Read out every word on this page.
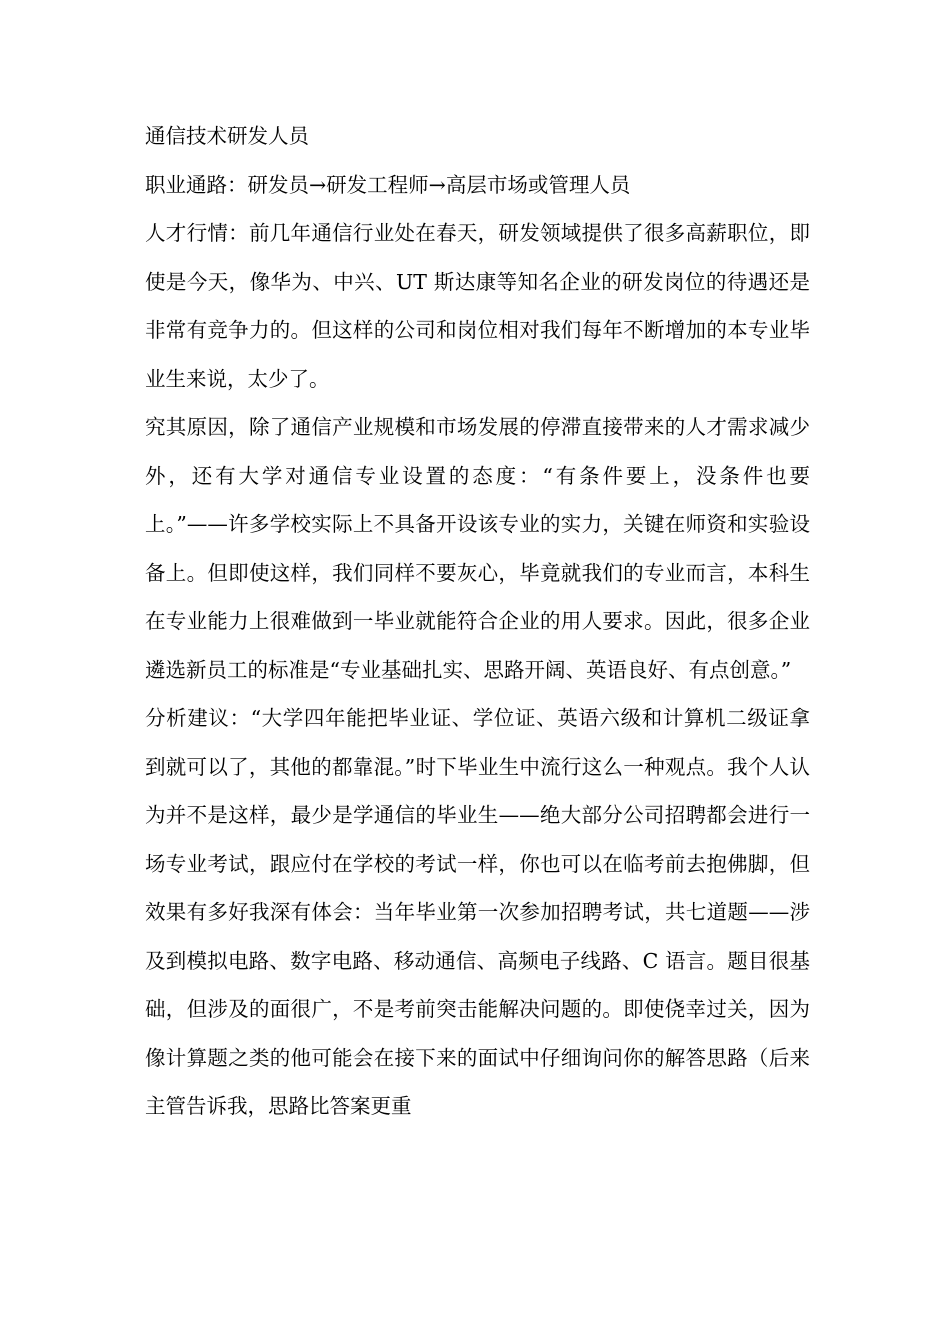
通信技术研发人员

职业通路：研发员→研发工程师→高层市场或管理人员

人才行情：前几年通信行业处在春天，研发领域提供了很多高薪职位，即使是今天，像华为、中兴、UT 斯达康等知名企业的研发岗位的待遇还是非常有竞争力的。但这样的公司和岗位相对我们每年不断增加的本专业毕业生来说，太少了。

究其原因，除了通信产业规模和市场发展的停滞直接带来的人才需求减少外，还有大学对通信专业设置的态度：“有条件要上，没条件也要上。”——许多学校实际上不具备开设该专业的实力，关键在师资和实验设备上。但即使这样，我们同样不要灰心，毕竟就我们的专业而言，本科生在专业能力上很难做到一毕业就能符合企业的用人要求。因此，很多企业遴选新员工的标准是“专业基础扎实、思路开阔、英语良好、有点创意。”

分析建议：“大学四年能把毕业证、学位证、英语六级和计算机二级证拿到就可以了，其他的都靠混。”时下毕业生中流行这么一种观点。我个人认为并不是这样，最少是学通信的毕业生——绝大部分公司招聘都会进行一场专业考试，跟应付在学校的考试一样，你也可以在临考前去抱佛脚，但效果有多好我深有体会：当年毕业第一次参加招聘考试，共七道题——涉及到模拟电路、数字电路、移动通信、高频电子线路、C 语言。题目很基础，但涉及的面很广，不是考前突击能解决问题的。即使侥幸过关，因为像计算题之类的他可能会在接下来的面试中仔细询问你的解答思路（后来主管告诉我，思路比答案更重
